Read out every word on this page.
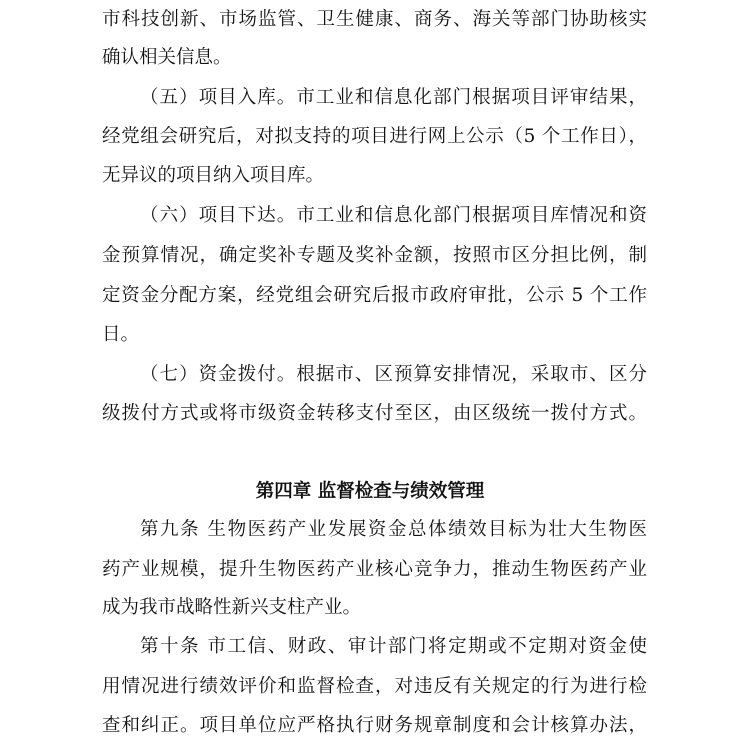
市科技创新、市场监管、卫生健康、商务、海关等部门协助核实
确认相关信息。
（五）项目入库。市工业和信息化部门根据项目评审结果，
经党组会研究后，对拟支持的项目进行网上公示（5 个工作日），
无异议的项目纳入项目库。
（六）项目下达。市工业和信息化部门根据项目库情况和资
金预算情况，确定奖补专题及奖补金额，按照市区分担比例，制
定资金分配方案，经党组会研究后报市政府审批，公示 5 个工作
日。
（七）资金拨付。根据市、区预算安排情况，采取市、区分
级拨付方式或将市级资金转移支付至区，由区级统一拨付方式。
第四章 监督检查与绩效管理
第九条 生物医药产业发展资金总体绩效目标为壮大生物医
药产业规模，提升生物医药产业核心竞争力，推动生物医药产业
成为我市战略性新兴支柱产业。
第十条 市工信、财政、审计部门将定期或不定期对资金使
用情况进行绩效评价和监督检查，对违反有关规定的行为进行检
查和纠正。项目单位应严格执行财务规章制度和会计核算办法，
